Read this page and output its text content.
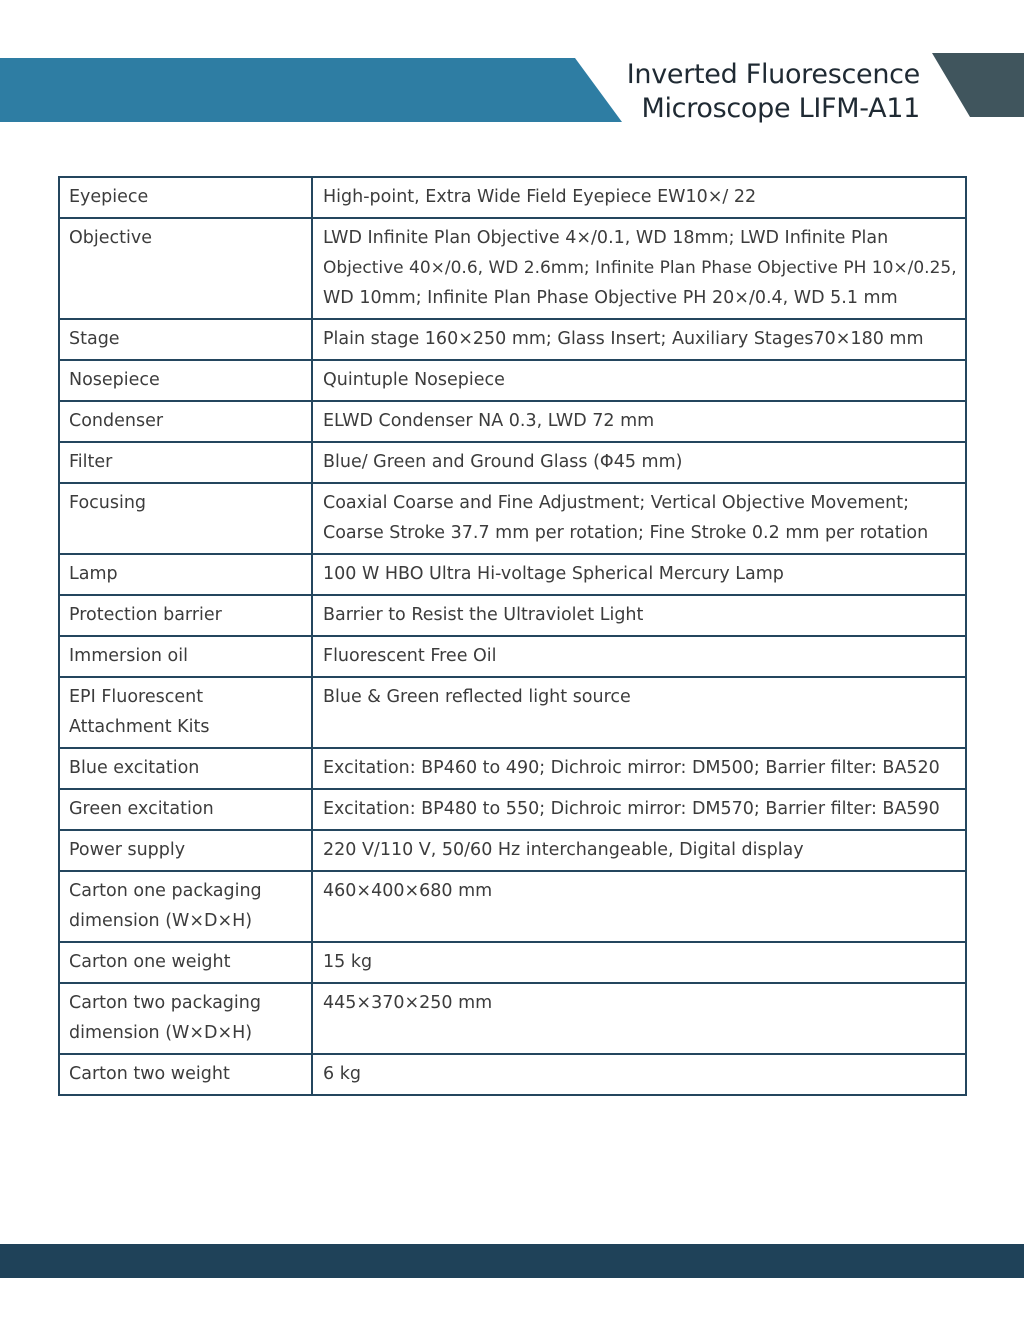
Inverted Fluorescence
Microscope LIFM-A11
Eyepiece	High-point, Extra Wide Field Eyepiece EW10×/ 22

Objective	LWD Infinite Plan Objective 4×/0.1, WD 18mm; LWD Infinite Plan
Objective 40×/0.6, WD 2.6mm; Infinite Plan Phase Objective PH 10×/0.25,
WD 10mm; Infinite Plan Phase Objective PH 20×/0.4, WD 5.1 mm

Stage	Plain stage 160×250 mm; Glass Insert; Auxiliary Stages70×180 mm

Nosepiece	Quintuple Nosepiece

Condenser	ELWD Condenser NA 0.3, LWD 72 mm

Filter	Blue/ Green and Ground Glass (Φ45 mm)

Focusing	Coaxial Coarse and Fine Adjustment; Vertical Objective Movement;
Coarse Stroke 37.7 mm per rotation; Fine Stroke 0.2 mm per rotation

Lamp	100 W HBO Ultra Hi-voltage Spherical Mercury Lamp

Protection barrier	Barrier to Resist the Ultraviolet Light

Immersion oil	Fluorescent Free Oil

EPI Fluorescent
Attachment Kits	Blue & Green reflected light source

Blue excitation	Excitation: BP460 to 490; Dichroic mirror: DM500; Barrier filter: BA520

Green excitation	Excitation: BP480 to 550; Dichroic mirror: DM570; Barrier filter: BA590

Power supply	220 V/110 V, 50/60 Hz interchangeable, Digital display

Carton one packaging
dimension (W×D×H)	460×400×680 mm

Carton one weight	15 kg

Carton two packaging
dimension (W×D×H)	445×370×250 mm

Carton two weight	6 kg
